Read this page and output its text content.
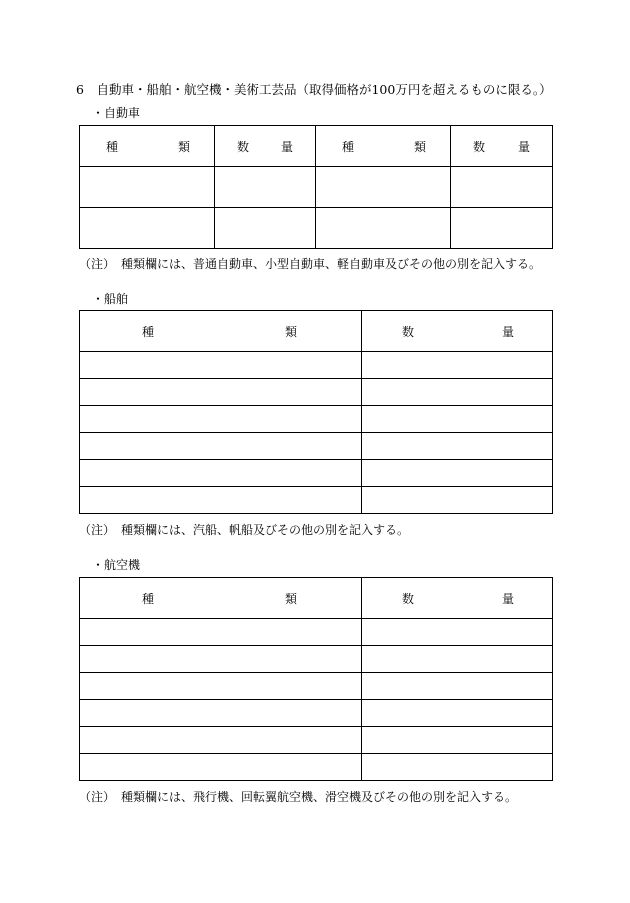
6　自動車・船舶・航空機・美術工芸品（取得価格が100万円を超えるものに限る。）
・自動車
種 類	数 量	種 類	数 量

（注）　種類欄には、普通自動車、小型自動車、軽自動車及びその他の別を記入する。
・船舶
種 類	数 量

（注）　種類欄には、汽船、帆船及びその他の別を記入する。
・航空機
種 類	数 量

（注）　種類欄には、飛行機、回転翼航空機、滑空機及びその他の別を記入する。
